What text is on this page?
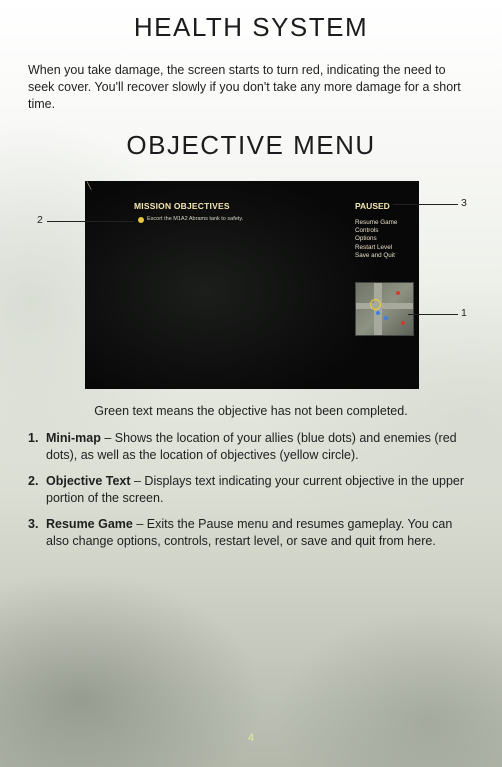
HEALTH SYSTEM
When you take damage, the screen starts to turn red, indicating the need to seek cover. You'll recover slowly if you don't take any more damage for a short time.
OBJECTIVE MENU
╲
MISSION OBJECTIVES
Escort the M1A2 Abrams tank to safety.
PAUSED
Resume Game
Controls
Options
Restart Level
Save and Quit
2
3
1
Green text means the objective has not been completed.
1. Mini-map – Shows the location of your allies (blue dots) and enemies (red dots), as well as the location of objectives (yellow circle).
2. Objective Text – Displays text indicating your current objective in the upper portion of the screen.
3. Resume Game – Exits the Pause menu and resumes gameplay. You can also change options, controls, restart level, or save and quit from here.
4
